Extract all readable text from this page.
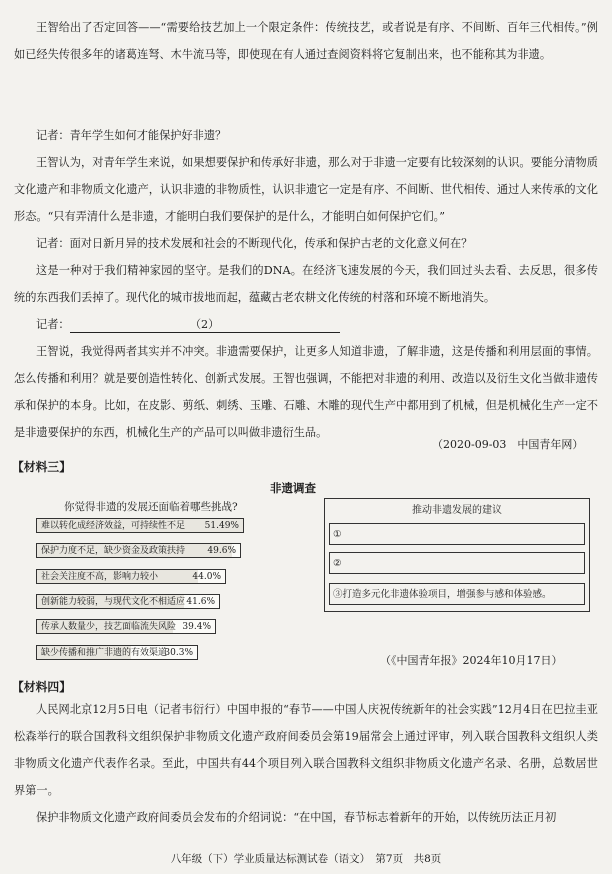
王智给出了否定回答——“需要给技艺加上一个限定条件：传统技艺，或者说是有序、不间断、百年三代相传。”例如已经失传很多年的诸葛连弩、木牛流马等，即使现在有人通过查阅资料将它复制出来，也不能称其为非遗。

记者：青年学生如何才能保护好非遗？

王智认为，对青年学生来说，如果想要保护和传承好非遗，那么对于非遗一定要有比较深刻的认识。要能分清物质文化遗产和非物质文化遗产，认识非遗的非物质性，认识非遗它一定是有序、不间断、世代相传、通过人来传承的文化形态。“只有弄清什么是非遗，才能明白我们要保护的是什么，才能明白如何保护它们。”

记者：面对日新月异的技术发展和社会的不断现代化，传承和保护古老的文化意义何在？

这是一种对于我们精神家园的坚守。是我们的DNA。在经济飞速发展的今天，我们回过头去看、去反思，很多传统的东西我们丢掉了。现代化的城市拔地而起，蕴藏古老农耕文化传统的村落和环境不断地消失。

记者：	（2）

王智说，我觉得两者其实并不冲突。非遗需要保护，让更多人知道非遗，了解非遗，这是传播和利用层面的事情。怎么传播和利用？就是要创造性转化、创新式发展。王智也强调，不能把对非遗的利用、改造以及衍生文化当做非遗传承和保护的本身。比如，在皮影、剪纸、刺绣、玉雕、石雕、木雕的现代生产中都用到了机械，但是机械化生产一定不是非遗要保护的东西，机械化生产的产品可以叫做非遗衍生品。

（2020-09-03　中国青年网）

【材料三】

非遗调查

你觉得非遗的发展还面临着哪些挑战?

难以转化成经济效益，可持续性不足 51.49%
保护力度不足，缺少资金及政策扶持 49.6%
社会关注度不高，影响力较小	44.0%
创新能力较弱，与现代文化不相适应 41.6%
传承人数量少，技艺面临流失风险 39.4%
缺少传播和推广非遗的有效渠道
30.3%

推动非遗发展的建议

①
②
③打造多元化非遗体验项目，增强参与感和体验感。

（《中国青年报》2024年10月17日）

【材料四】

人民网北京12月5日电（记者韦衍行）中国申报的“春节——中国人庆祝传统新年的社会实践”12月4日在巴拉圭亚松森举行的联合国教科文组织保护非物质文化遗产政府间委员会第19届常会上通过评审，列入联合国教科文组织人类非物质文化遗产代表作名录。至此，中国共有44个项目列入联合国教科文组织非物质文化遗产名录、名册，总数居世界第一。

保护非物质文化遗产政府间委员会发布的介绍词说：“在中国，春节标志着新年的开始，以传统历法正月初

八年级（下）学业质量达标测试卷（语文）　第7页　共8页
